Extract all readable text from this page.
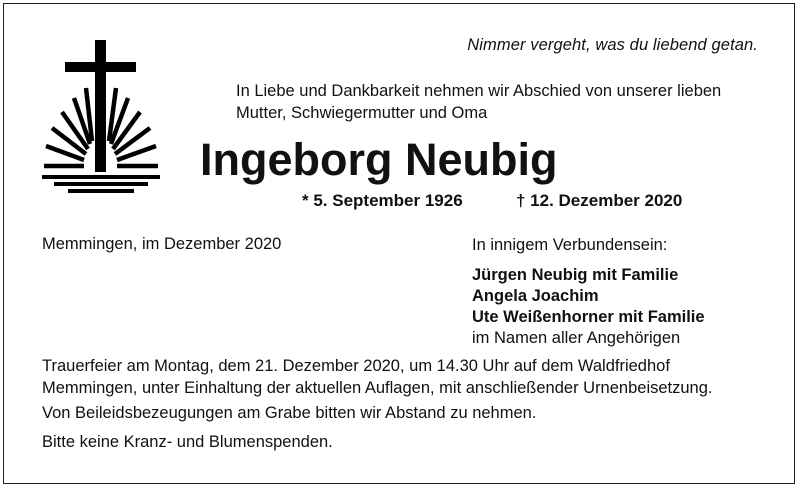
Nimmer vergeht, was du liebend getan.
In Liebe und Dankbarkeit nehmen wir Abschied von unserer lieben
Mutter, Schwiegermutter und Oma
Ingeborg Neubig
* 5. September 1926	† 12. Dezember 2020
Memmingen, im Dezember 2020	In innigem Verbundensein:
Jürgen Neubig mit Familie
Angela Joachim
Ute Weißenhorner mit Familie
im Namen aller Angehörigen

Trauerfeier am Montag, dem 21. Dezember 2020, um 14.30 Uhr auf dem Waldfriedhof

Memmingen, unter Einhaltung der aktuellen Auflagen, mit anschließender Urnenbeisetzung.

Von Beileidsbezeugungen am Grabe bitten wir Abstand zu nehmen.

Bitte keine Kranz- und Blumenspenden.
